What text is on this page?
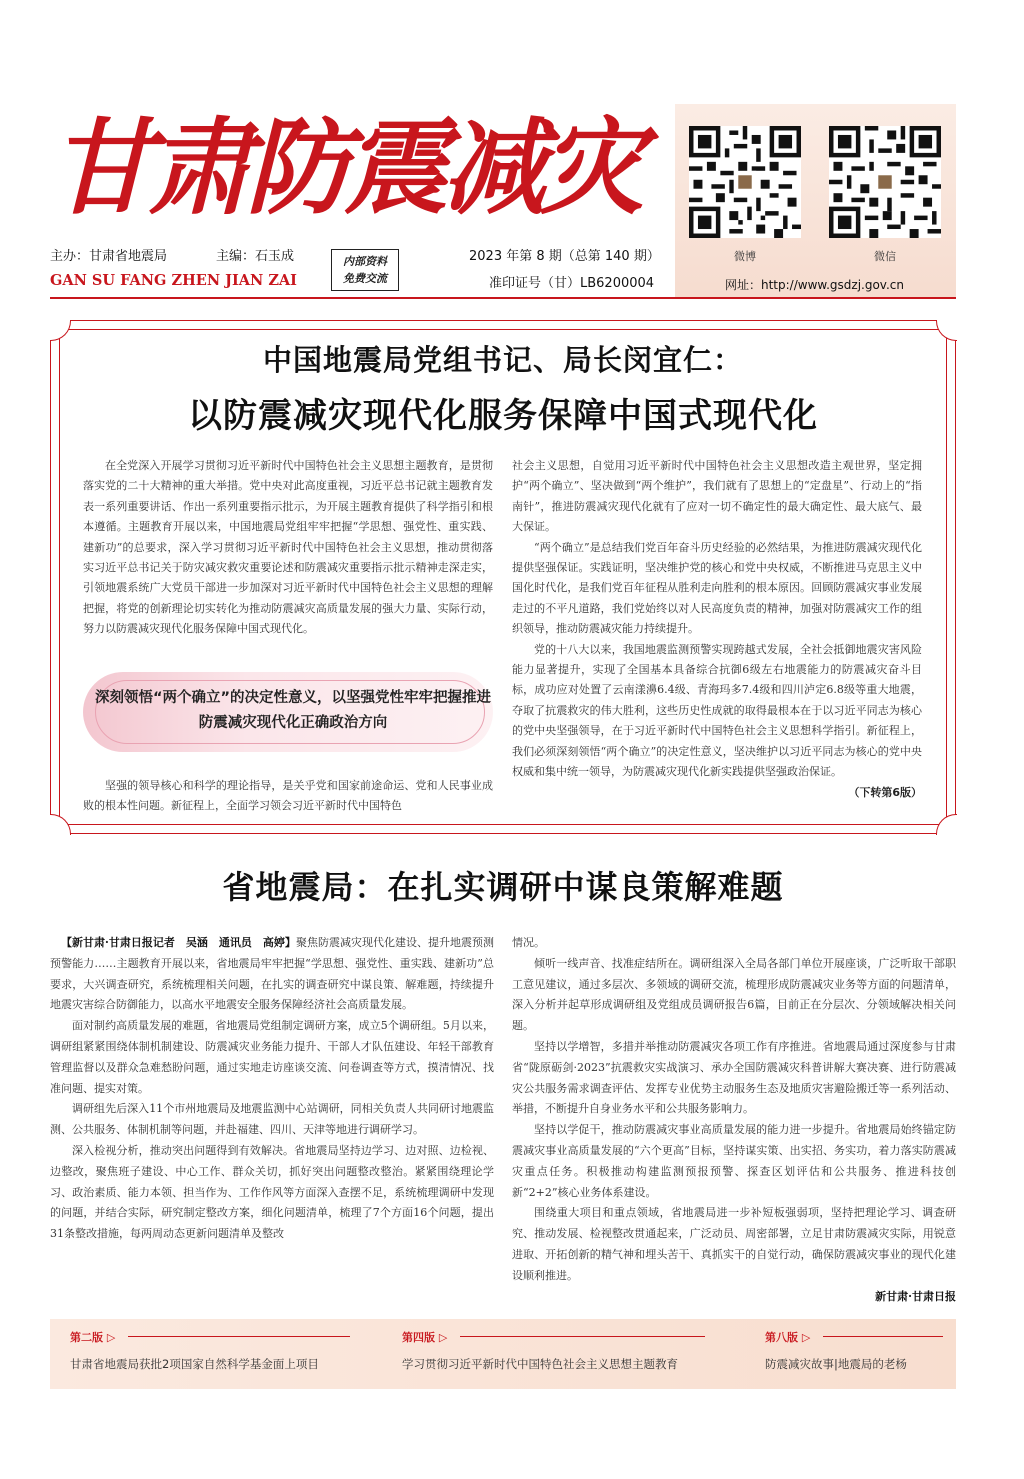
甘肃防震减灾
主办：甘肃省地震局	主编：石玉成
GAN SU FANG ZHEN JIAN ZAI
内部资料
免费交流
2023 年第 8 期（总第 140 期）
准印证号（甘）LB6200004
微博	微信
网址：http://www.gsdzj.gov.cn
中国地震局党组书记、局长闵宜仁：
以防震减灾现代化服务保障中国式现代化

在全党深入开展学习贯彻习近平新时代中国特色社会主义思想主题教育，是贯彻落实党的二十大精神的重大举措。党中央对此高度重视，习近平总书记就主题教育发表一系列重要讲话、作出一系列重要指示批示，为开展主题教育提供了科学指引和根本遵循。主题教育开展以来，中国地震局党组牢牢把握“学思想、强党性、重实践、建新功”的总要求，深入学习贯彻习近平新时代中国特色社会主义思想，推动贯彻落实习近平总书记关于防灾减灾救灾重要论述和防震减灾重要指示批示精神走深走实，引领地震系统广大党员干部进一步加深对习近平新时代中国特色社会主义思想的理解把握，将党的创新理论切实转化为推动防震减灾高质量发展的强大力量、实际行动，努力以防震减灾现代化服务保障中国式现代化。

深刻领悟“两个确立”的决定性意义，以坚强党性牢牢把握推进防震减灾现代化正确政治方向

坚强的领导核心和科学的理论指导，是关乎党和国家前途命运、党和人民事业成败的根本性问题。新征程上，全面学习领会习近平新时代中国特色

社会主义思想，自觉用习近平新时代中国特色社会主义思想改造主观世界，坚定拥护“两个确立”、坚决做到“两个维护”，我们就有了思想上的“定盘星”、行动上的“指南针”，推进防震减灾现代化就有了应对一切不确定性的最大确定性、最大底气、最大保证。

“两个确立”是总结我们党百年奋斗历史经验的必然结果，为推进防震减灾现代化提供坚强保证。实践证明，坚决维护党的核心和党中央权威，不断推进马克思主义中国化时代化，是我们党百年征程从胜利走向胜利的根本原因。回顾防震减灾事业发展走过的不平凡道路，我们党始终以对人民高度负责的精神，加强对防震减灾工作的组织领导，推动防震减灾能力持续提升。

党的十八大以来，我国地震监测预警实现跨越式发展，全社会抵御地震灾害风险能力显著提升，实现了全国基本具备综合抗御6级左右地震能力的防震减灾奋斗目标，成功应对处置了云南漾濞6.4级、青海玛多7.4级和四川泸定6.8级等重大地震，夺取了抗震救灾的伟大胜利，这些历史性成就的取得最根本在于以习近平同志为核心的党中央坚强领导，在于习近平新时代中国特色社会主义思想科学指引。新征程上，我们必须深刻领悟“两个确立”的决定性意义，坚决维护以习近平同志为核心的党中央权威和集中统一领导，为防震减灾现代化新实践提供坚强政治保证。

（下转第6版）
省地震局：在扎实调研中谋良策解难题

【新甘肃·甘肃日报记者　吴涵　通讯员　高婷】聚焦防震减灾现代化建设、提升地震预测预警能力……主题教育开展以来，省地震局牢牢把握“学思想、强党性、重实践、建新功”总要求，大兴调查研究，系统梳理相关问题，在扎实的调查研究中谋良策、解难题，持续提升地震灾害综合防御能力，以高水平地震安全服务保障经济社会高质量发展。

面对制约高质量发展的难题，省地震局党组制定调研方案，成立5个调研组。5月以来，调研组紧紧围绕体制机制建设、防震减灾业务能力提升、干部人才队伍建设、年轻干部教育管理监督以及群众急难愁盼问题，通过实地走访座谈交流、问卷调查等方式，摸清情况、找准问题、提实对策。

调研组先后深入11个市州地震局及地震监测中心站调研，同相关负责人共同研讨地震监测、公共服务、体制机制等问题，并赴福建、四川、天津等地进行调研学习。

深入检视分析，推动突出问题得到有效解决。省地震局坚持边学习、边对照、边检视、边整改，聚焦班子建设、中心工作、群众关切，抓好突出问题整改整治。紧紧围绕理论学习、政治素质、能力本领、担当作为、工作作风等方面深入查摆不足，系统梳理调研中发现的问题，并结合实际，研究制定整改方案，细化问题清单，梳理了7个方面16个问题，提出31条整改措施，每两周动态更新问题清单及整改

情况。

倾听一线声音、找准症结所在。调研组深入全局各部门单位开展座谈，广泛听取干部职工意见建议，通过多层次、多领域的调研交流，梳理形成防震减灾业务等方面的问题清单，深入分析并起草形成调研组及党组成员调研报告6篇，目前正在分层次、分领域解决相关问题。

坚持以学增智，多措并举推动防震减灾各项工作有序推进。省地震局通过深度参与甘肃省“陇原砺剑·2023”抗震救灾实战演习、承办全国防震减灾科普讲解大赛决赛、进行防震减灾公共服务需求调查评估、发挥专业优势主动服务生态及地质灾害避险搬迁等一系列活动、举措，不断提升自身业务水平和公共服务影响力。

坚持以学促干，推动防震减灾事业高质量发展的能力进一步提升。省地震局始终锚定防震减灾事业高质量发展的“六个更高”目标，坚持谋实策、出实招、务实功，着力落实防震减灾重点任务。积极推动构建监测预报预警、探查区划评估和公共服务、推进科技创新“2+2”核心业务体系建设。

围绕重大项目和重点领域，省地震局进一步补短板强弱项，坚持把理论学习、调查研究、推动发展、检视整改贯通起来，广泛动员、周密部署，立足甘肃防震减灾实际，用锐意进取、开拓创新的精气神和埋头苦干、真抓实干的自觉行动，确保防震减灾事业的现代化建设顺利推进。

新甘肃·甘肃日报
第二版 ▷
甘肃省地震局获批2项国家自然科学基金面上项目
第四版 ▷
学习贯彻习近平新时代中国特色社会主义思想主题教育
第八版 ▷
防震减灾故事|地震局的老杨
